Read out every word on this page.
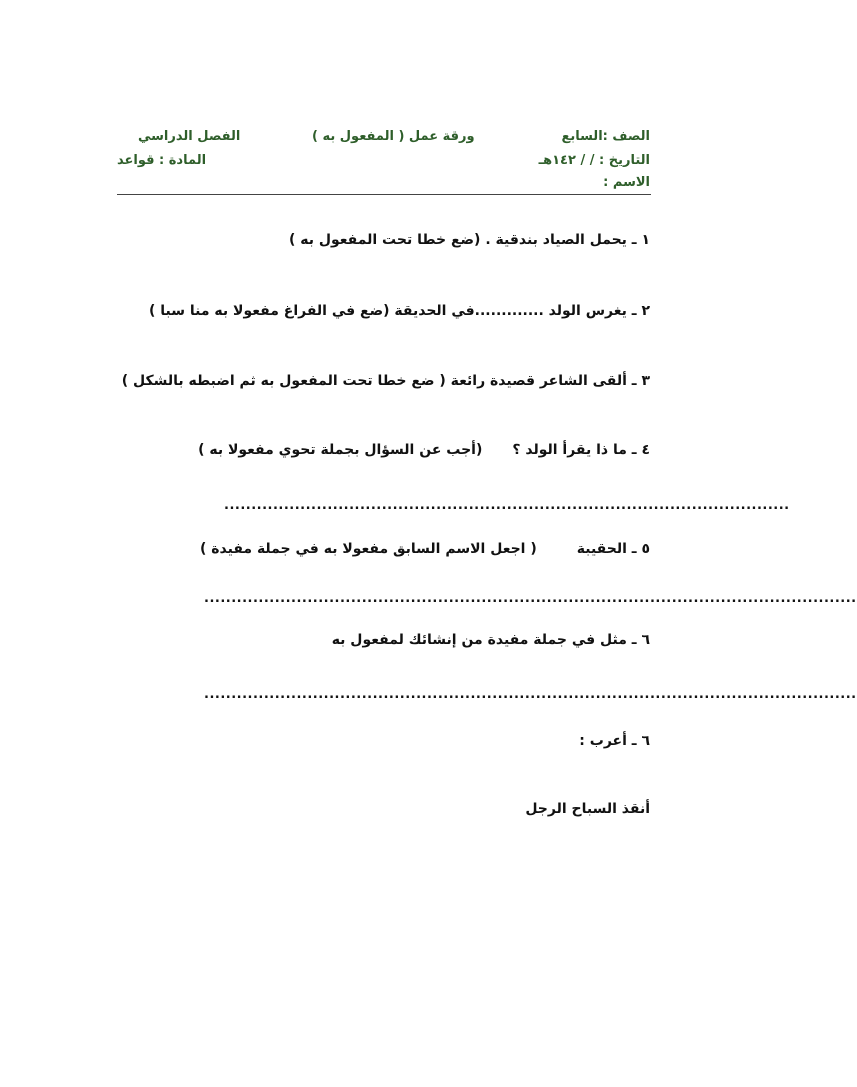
الصف :السابع
ورقة عمل ( المفعول به )
الفصل الدراسي
التاريخ : / / ١٤٢هـ
المادة : قواعد
الاسم :
١ ـ يحمل الصياد بندقية . (ضع خطا تحت المفعول به )
٢ ـ يغرس الولد .............في الحديقة (ضع في الفراغ مفعولا به منا سبا )
٣ ـ ألقى الشاعر قصيدة رائعة ( ضع خطا تحت المفعول به ثم اضبطه بالشكل )
٤ ـ ما ذا يقرأ الولد ؟(أجب عن السؤال بجملة تحوي مفعولا به )
........................................................................................................
٥ ـ الحقيبة( اجعل الاسم السابق مفعولا به في جملة مفيدة )
........................................................................................................................
٦ ـ مثل في جملة مفيدة من إنشائك لمفعول به
........................................................................................................................
٦ ـ أعرب :
أنقذ السباح الرجل
